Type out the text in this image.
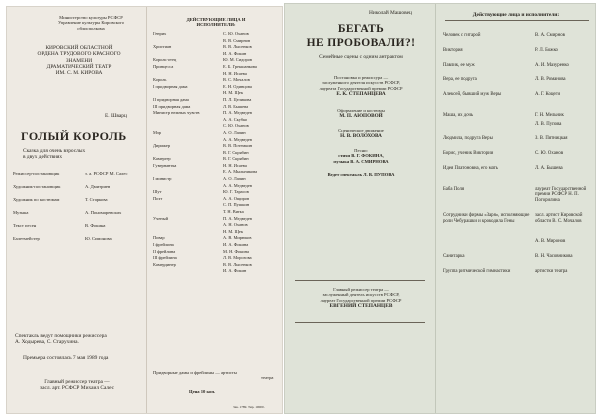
Министерство культуры РСФСР
Управление культуры Кировского
облисполкома
КИРОВСКИЙ ОБЛАСТНОЙ
ОРДЕНА ТРУДОВОГО КРАСНОГО
ЗНАМЕНИ
ДРАМАТИЧЕСКИЙ ТЕАТР
ИМ. С. М. КИРОВА
Е. Шварц
ГОЛЫЙ КОРОЛЬ
Сказка для очень взрослых
в двух действиях
Режиссер-постановщик	з. а. РСФСР М. Салес
Художник-постановщик	А. Дмитриев
Художник по костюмам	Т. Старкова
Музыка	А. Пономаревских
Текст песен	В. Фокина
Балетмейстер	Ю. Симонова
Спектакль ведут помощники режиссера
А. Ходырева, С. Старухина.
Премьера состоялась 7 мая 1989 года
Главный режиссер театра —
засл. арт. РСФСР Михаил Салес
ДЕЙСТВУЮЩИЕ ЛИЦА И
ИСПОЛНИТЕЛИ:
Генрих	С. Ю. Оханов
В. В. Смирнов
Христиан	В. В. Лысенков
И. А. Фокин
Король-отец	Ю. М. Сидоров
Принцесса	Е. Б. Грекшанкова
Н. Н. Исаева
Король	В. С. Мочалов
I придворная дама	Е. Н. Одинцова
Н. М. Щек
II придворная дама	П. Л. Целикова
III придворная дама	Л. В. Бышева
Министр нежных чувств	П. А. Медведев
А. А. Скубко
С. Ю. Оханов
Мэр	А. О. Лапин
А. А. Медведев
Дирижер	В. В. Потемкин
В. Г. Скрябин
Камергер	В. Г. Скрябин
Гувернантка	Н. Н. Исаева
Е. А. Мыльникова
I министр	А. О. Лапин
А. А. Медведев
Шут	Ю. Г. Тарасов
Поэт	А. А. Ощиров
С. П. Пушкин
Т. Н. Вятка
Ученый	П. А. Медведев
А. Н. Оханов
Н. М. Щек
Повар	А. В. Мирюков
I фрейлина	И. А. Фокина
II фрейлина	М. Н. Фокина
III фрейлина	Л. В. Морозова
Камердинер	В. В. Лысенков
И. А. Фокин
Придворные дамы и фрейлины — артисты
театра
Цена 10 коп.
Зак. 1789. Тир. 10000.
Николай Машовец
БЕГАТЬ
НЕ ПРОБОВАЛИ?!
Семейные сцены с одним антрактом
Постановка и режиссура —
заслуженного деятеля искусств РСФСР,
лауреата Государственной премии РСФСР
Е. К. СТЕПАНЦЕВА
Оформление и костюмы
М. П. АЮПОВОЙ
Сценическое движение
Н. В. ВОЛОХОВА
Песни:
стихи В. Г. ФОКИНА,
музыка В. А. СМИРНОВА
Ведет спектакль Л. В. ПУПОВА
Главный режиссер театра —
заслуженный деятель искусств РСФСР,
лауреат Государственной премии РСФСР
ЕВГЕНИЙ СТЕПАНЦЕВ
Действующие лица и исполнители:
Человек с гитарой	В. А. Смирнов
Виктория	Р. Л. Божко
Павлик, ее муж	А. И. Мазуренко
Вера, ее подруга	Л. В. Романова
Алексей, бывший муж Веры	А. Г. Коцеги
Маша, их дочь	Г. Н. Мельник
Л. В. Пупова
Людмила, подруга Веры	З. В. Пятницкая
Борис, ученик Виктории	С. Ю. Оханов
Идея Платоновна, его мать	Л. А. Бышева
Баба Поля	лауреат Государственной премии РСФСР Н. П. Погорилина
Сотрудники фирмы «Заря», исполняющие роли Чебурашки и крокодила Гены
засл. артист Кировской области В. С. Мочалов
А. В. Миронов
Санитарка	В. Н. Часовникова
Группа ритмической гимнастики	артистки театра
